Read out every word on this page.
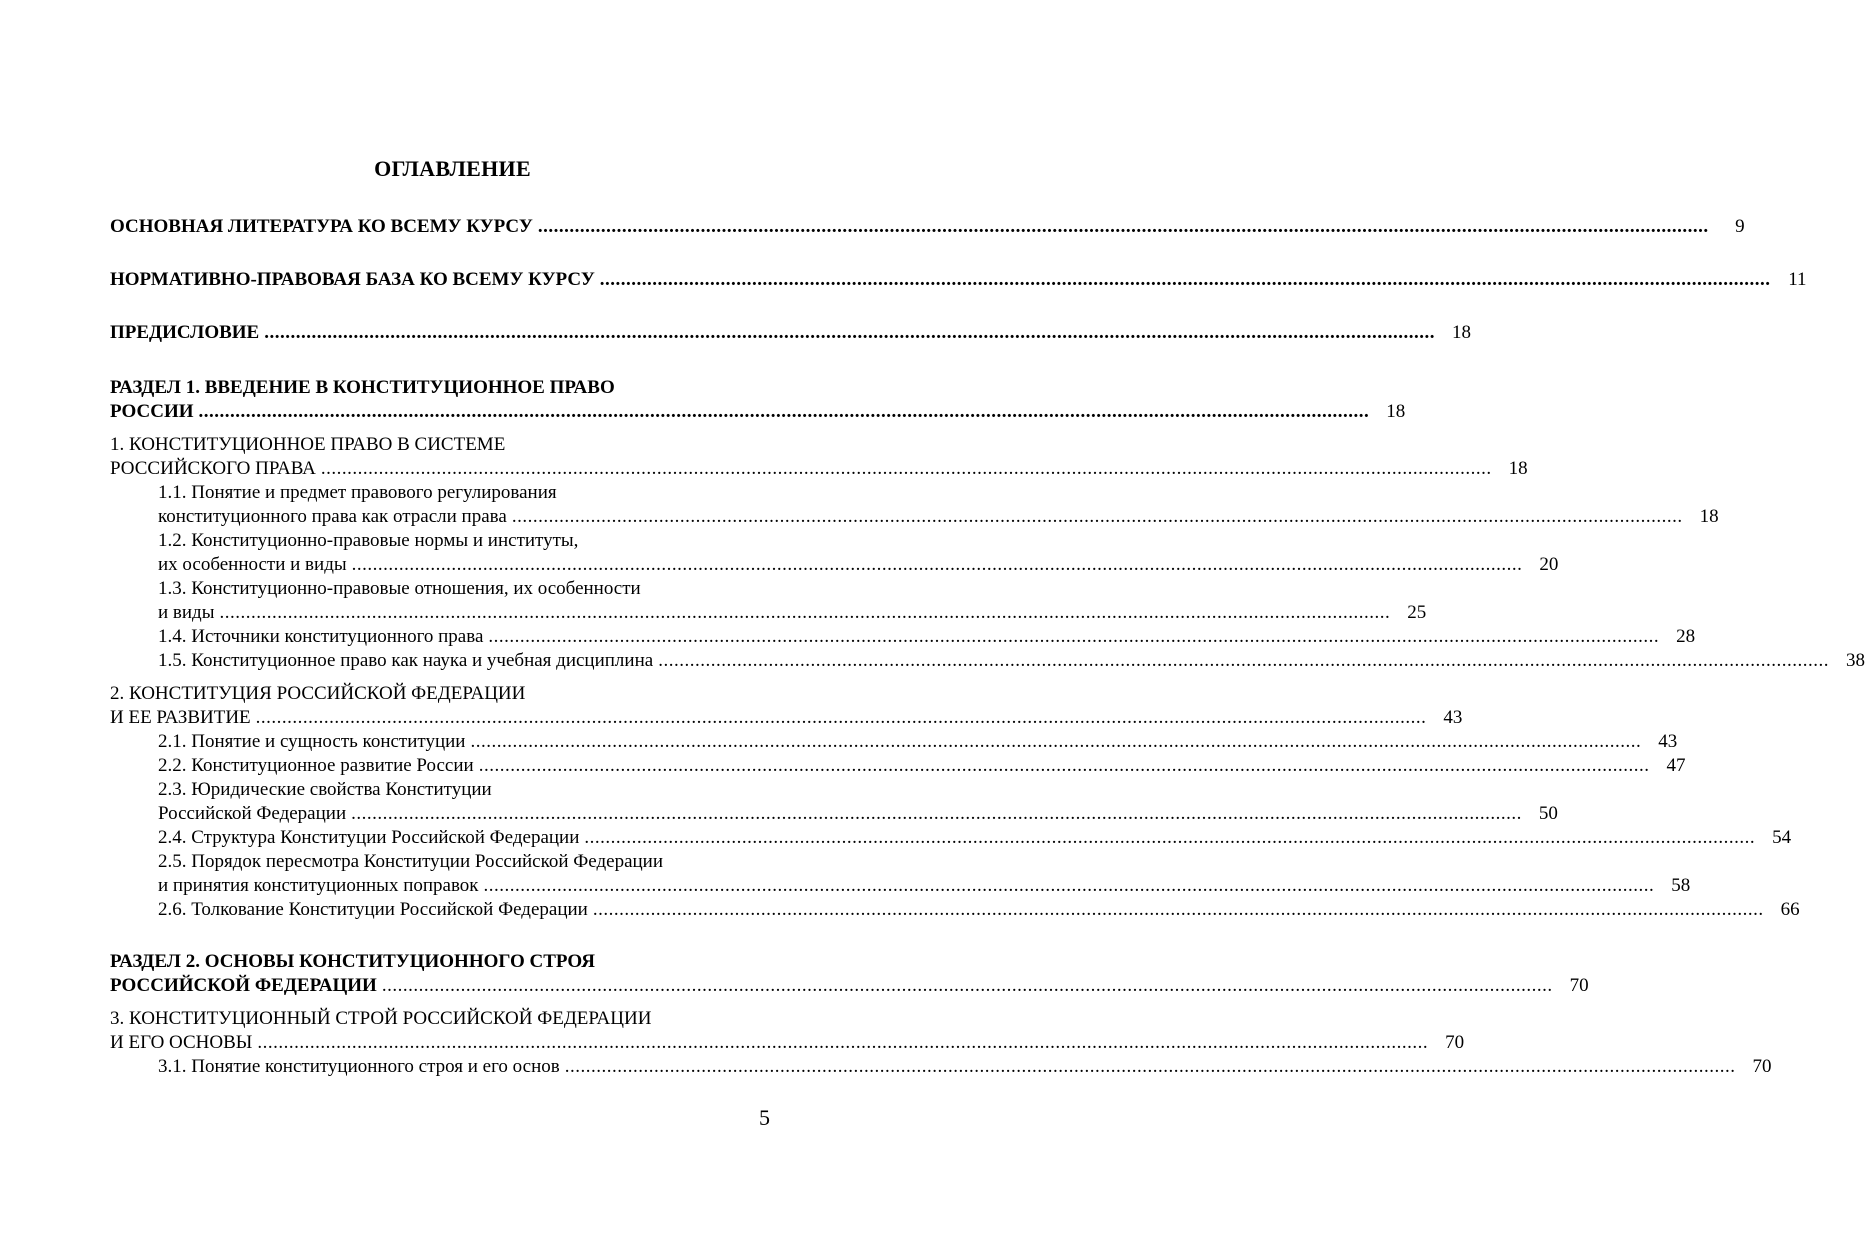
ОГЛАВЛЕНИЕ
ОСНОВНАЯ ЛИТЕРАТУРА КО ВСЕМУ КУРСУ ...............................................................................................................................................................................................................................	9
НОРМАТИВНО-ПРАВОВАЯ БАЗА КО ВСЕМУ КУРСУ ............................................................................................................................................................................................................................... 11
ПРЕДИСЛОВИЕ ............................................................................................................................................................................................................................... 18
РАЗДЕЛ 1. ВВЕДЕНИЕ В КОНСТИТУЦИОННОЕ ПРАВО
РОССИИ ............................................................................................................................................................................................................................... 18
1. КОНСТИТУЦИОННОЕ ПРАВО В СИСТЕМЕ
РОССИЙСКОГО ПРАВА ............................................................................................................................................................................................................................... 18
1.1. Понятие и предмет правового регулирования
конституционного права как отрасли права ............................................................................................................................................................................................................................... 18
1.2. Конституционно-правовые нормы и институты,
их особенности и виды ............................................................................................................................................................................................................................... 20
1.3. Конституционно-правовые отношения, их особенности
и виды ............................................................................................................................................................................................................................... 25
1.4. Источники конституционного права ............................................................................................................................................................................................................................... 28
1.5. Конституционное право как наука и учебная дисциплина ............................................................................................................................................................................................................................... 38
2. КОНСТИТУЦИЯ РОССИЙСКОЙ ФЕДЕРАЦИИ
И ЕЕ РАЗВИТИЕ ............................................................................................................................................................................................................................... 43
2.1. Понятие и сущность конституции ............................................................................................................................................................................................................................... 43
2.2. Конституционное развитие России ............................................................................................................................................................................................................................... 47
2.3. Юридические свойства Конституции
Российской Федерации ............................................................................................................................................................................................................................... 50
2.4. Структура Конституции Российской Федерации ............................................................................................................................................................................................................................... 54
2.5. Порядок пересмотра Конституции Российской Федерации
и принятия конституционных поправок ............................................................................................................................................................................................................................... 58
2.6. Толкование Конституции Российской Федерации ............................................................................................................................................................................................................................... 66
РАЗДЕЛ 2. ОСНОВЫ КОНСТИТУЦИОННОГО СТРОЯ
РОССИЙСКОЙ ФЕДЕРАЦИИ ............................................................................................................................................................................................................................... 70
3. КОНСТИТУЦИОННЫЙ СТРОЙ РОССИЙСКОЙ ФЕДЕРАЦИИ
И ЕГО ОСНОВЫ ............................................................................................................................................................................................................................... 70
3.1. Понятие конституционного строя и его основ ............................................................................................................................................................................................................................... 70
5
